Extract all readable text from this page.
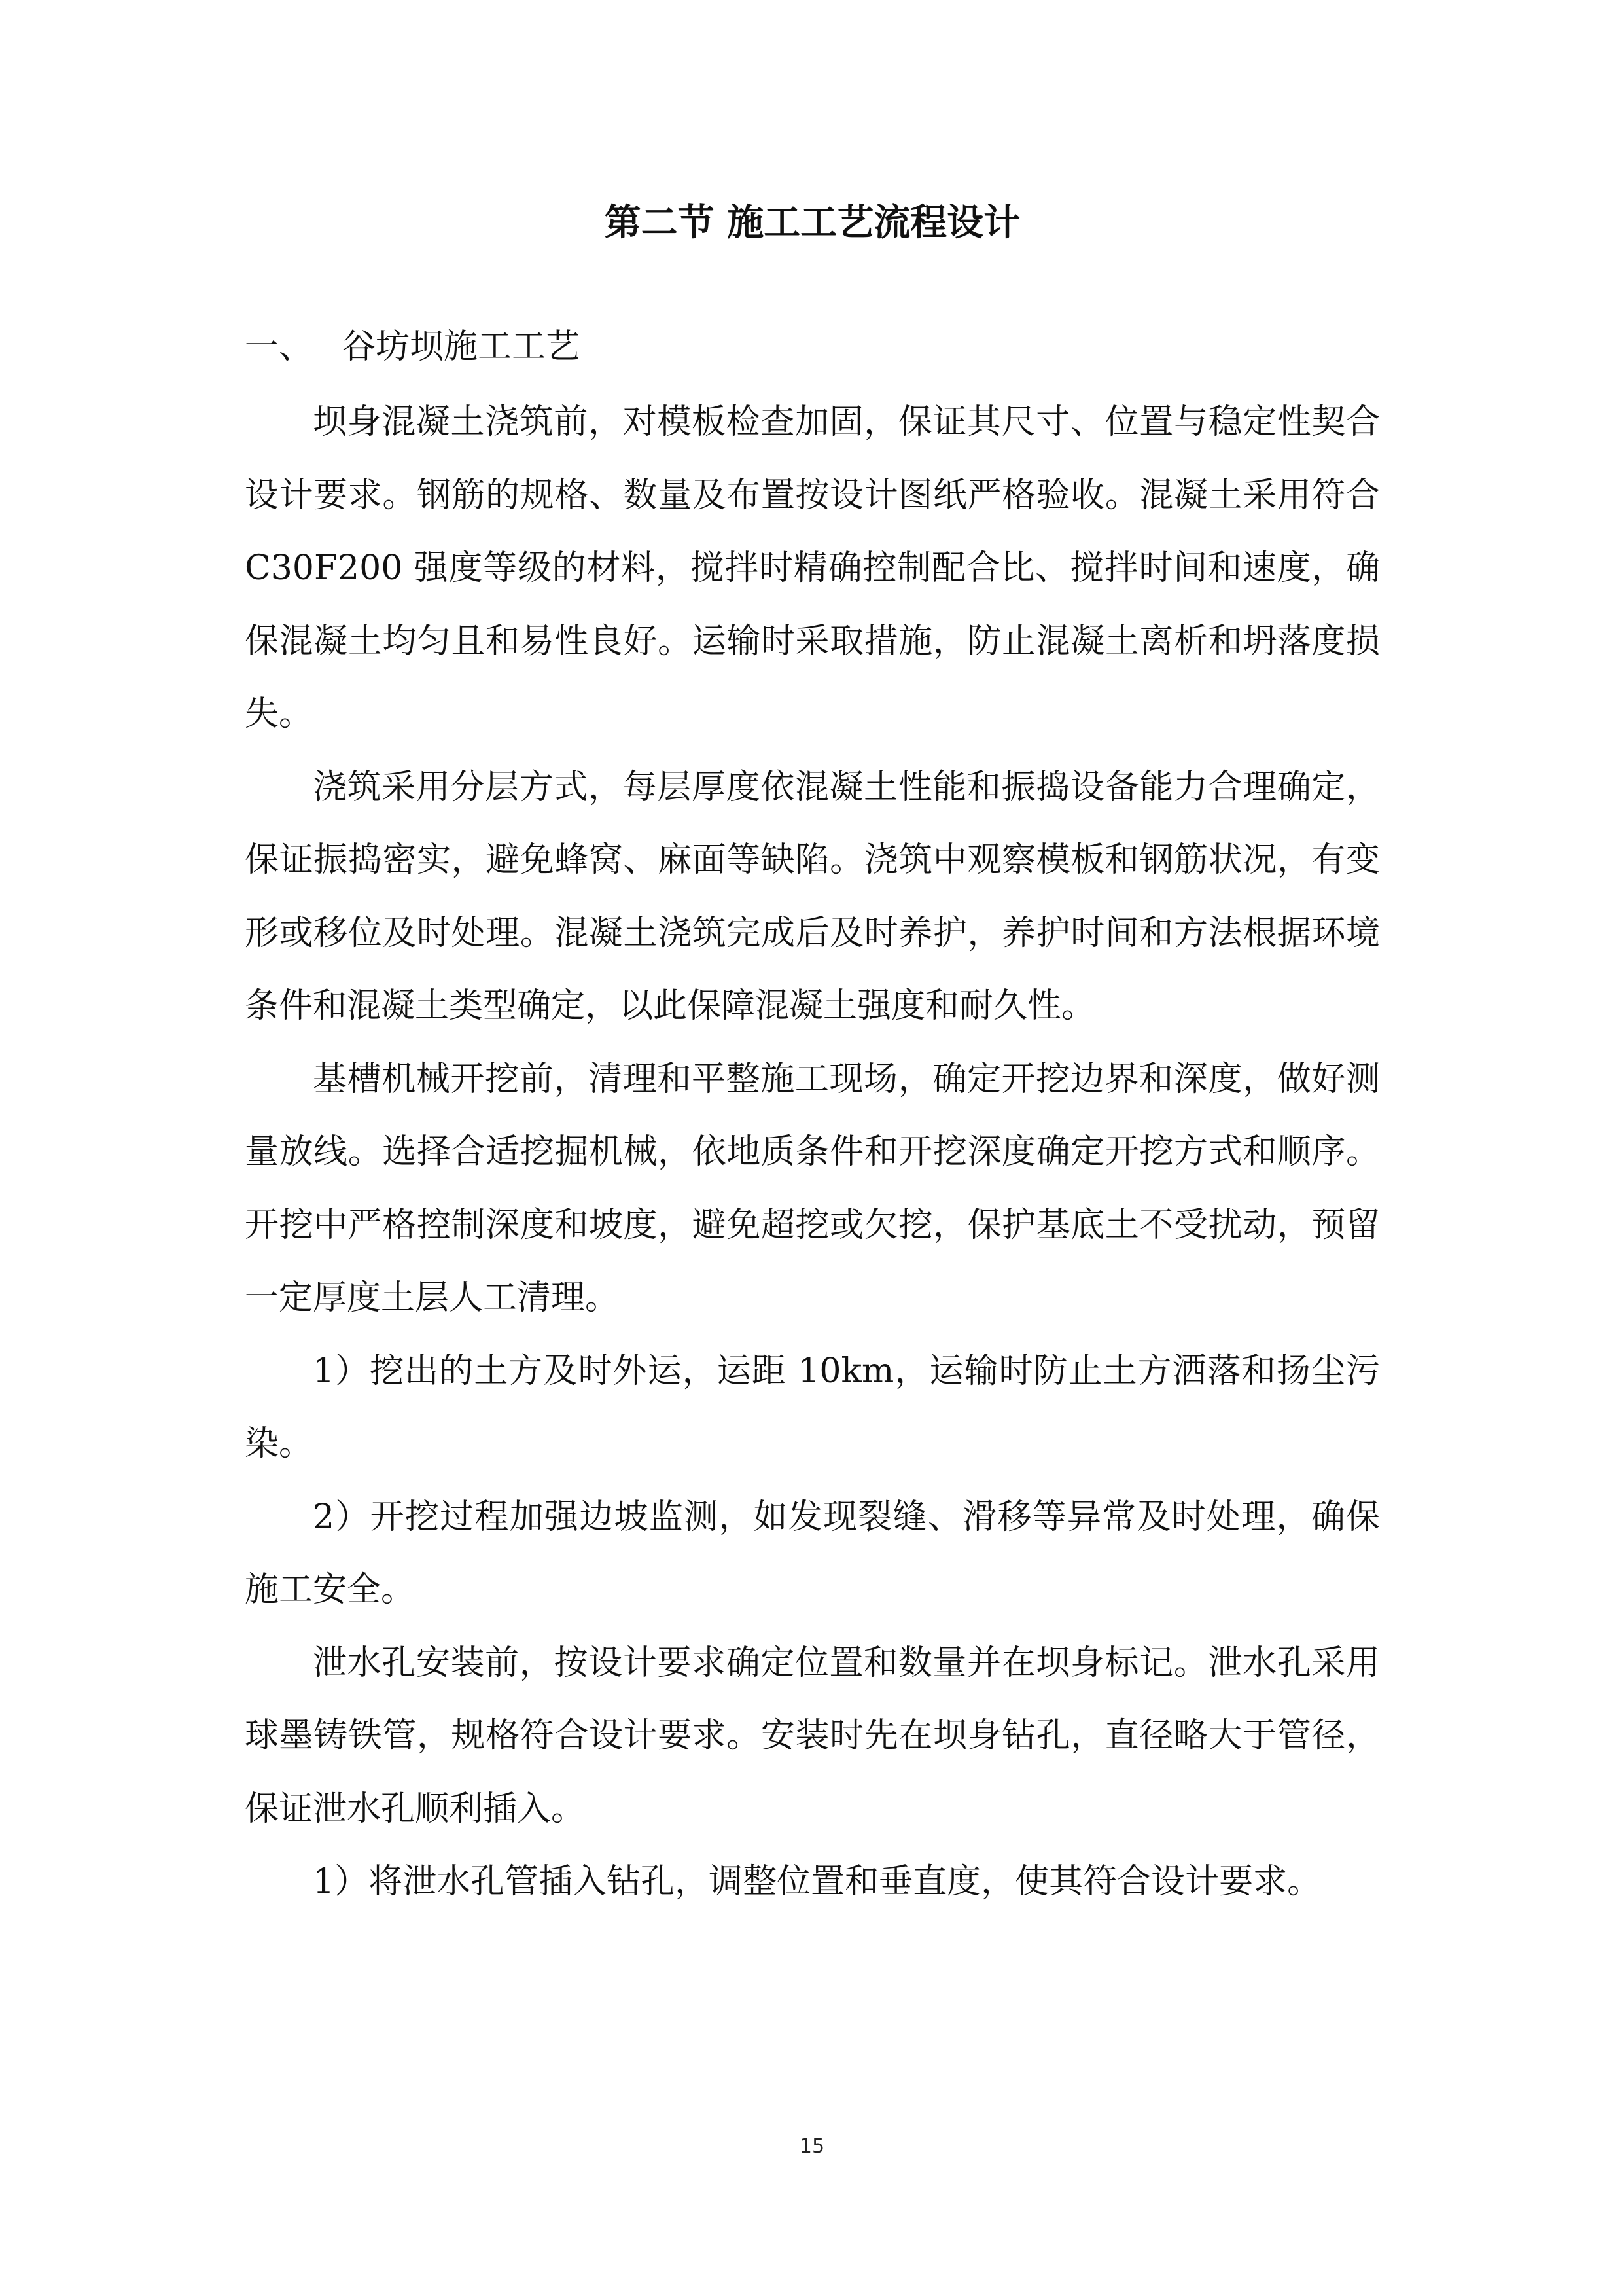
第二节 施工工艺流程设计
一、 谷坊坝施工工艺

坝身混凝土浇筑前，对模板检查加固，保证其尺寸、位置与稳定性契合设计要求。钢筋的规格、数量及布置按设计图纸严格验收。混凝土采用符合 C30F200 强度等级的材料，搅拌时精确控制配合比、搅拌时间和速度，确保混凝土均匀且和易性良好。运输时采取措施，防止混凝土离析和坍落度损失。

浇筑采用分层方式，每层厚度依混凝土性能和振捣设备能力合理确定，保证振捣密实，避免蜂窝、麻面等缺陷。浇筑中观察模板和钢筋状况，有变形或移位及时处理。混凝土浇筑完成后及时养护，养护时间和方法根据环境条件和混凝土类型确定，以此保障混凝土强度和耐久性。

基槽机械开挖前，清理和平整施工现场，确定开挖边界和深度，做好测量放线。选择合适挖掘机械，依地质条件和开挖深度确定开挖方式和顺序。开挖中严格控制深度和坡度，避免超挖或欠挖，保护基底土不受扰动，预留一定厚度土层人工清理。

1）挖出的土方及时外运，运距 10km，运输时防止土方洒落和扬尘污染。

2）开挖过程加强边坡监测，如发现裂缝、滑移等异常及时处理，确保施工安全。

泄水孔安装前，按设计要求确定位置和数量并在坝身标记。泄水孔采用球墨铸铁管，规格符合设计要求。安装时先在坝身钻孔，直径略大于管径，保证泄水孔顺利插入。

1）将泄水孔管插入钻孔，调整位置和垂直度，使其符合设计要求。

15
